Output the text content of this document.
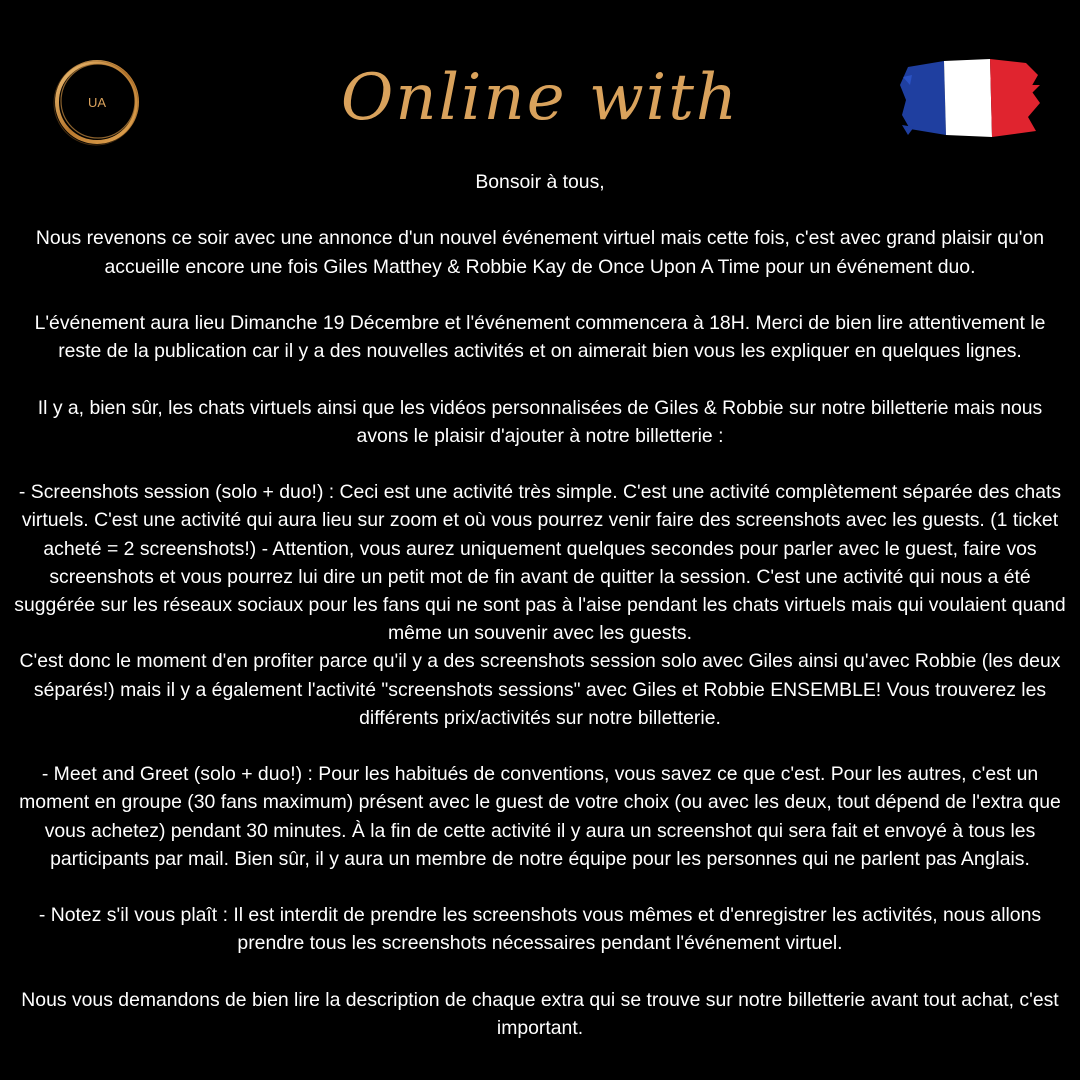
UA	Online with

Bonsoir à tous,

Nous revenons ce soir avec une annonce d'un nouvel événement virtuel mais cette fois, c'est avec grand plaisir qu'on accueille encore une fois Giles Matthey & Robbie Kay de Once Upon A Time pour un événement duo.

L'événement aura lieu Dimanche 19 Décembre et l'événement commencera à 18H. Merci de bien lire attentivement le reste de la publication car il y a des nouvelles activités et on aimerait bien vous les expliquer en quelques lignes.

Il y a, bien sûr, les chats virtuels ainsi que les vidéos personnalisées de Giles & Robbie sur notre billetterie mais nous avons le plaisir d'ajouter à notre billetterie :

- Screenshots session (solo + duo!) : Ceci est une activité très simple. C'est une activité complètement séparée des chats virtuels. C'est une activité qui aura lieu sur zoom et où vous pourrez venir faire des screenshots avec les guests. (1 ticket acheté = 2 screenshots!) - Attention, vous aurez uniquement quelques secondes pour parler avec le guest, faire vos screenshots et vous pourrez lui dire un petit mot de fin avant de quitter la session. C'est une activité qui nous a été suggérée sur les réseaux sociaux pour les fans qui ne sont pas à l'aise pendant les chats virtuels mais qui voulaient quand même un souvenir avec les guests.

C'est donc le moment d'en profiter parce qu'il y a des screenshots session solo avec Giles ainsi qu'avec Robbie (les deux séparés!) mais il y a également l'activité "screenshots sessions" avec Giles et Robbie ENSEMBLE! Vous trouverez les différents prix/activités sur notre billetterie.

- Meet and Greet (solo + duo!) : Pour les habitués de conventions, vous savez ce que c'est. Pour les autres, c'est un moment en groupe (30 fans maximum) présent avec le guest de votre choix (ou avec les deux, tout dépend de l'extra que vous achetez) pendant 30 minutes. À la fin de cette activité il y aura un screenshot qui sera fait et envoyé à tous les participants par mail. Bien sûr, il y aura un membre de notre équipe pour les personnes qui ne parlent pas Anglais.

- Notez s'il vous plaît : Il est interdit de prendre les screenshots vous mêmes et d'enregistrer les activités, nous allons prendre tous les screenshots nécessaires pendant l'événement virtuel.

Nous vous demandons de bien lire la description de chaque extra qui se trouve sur notre billetterie avant tout achat, c'est important.
